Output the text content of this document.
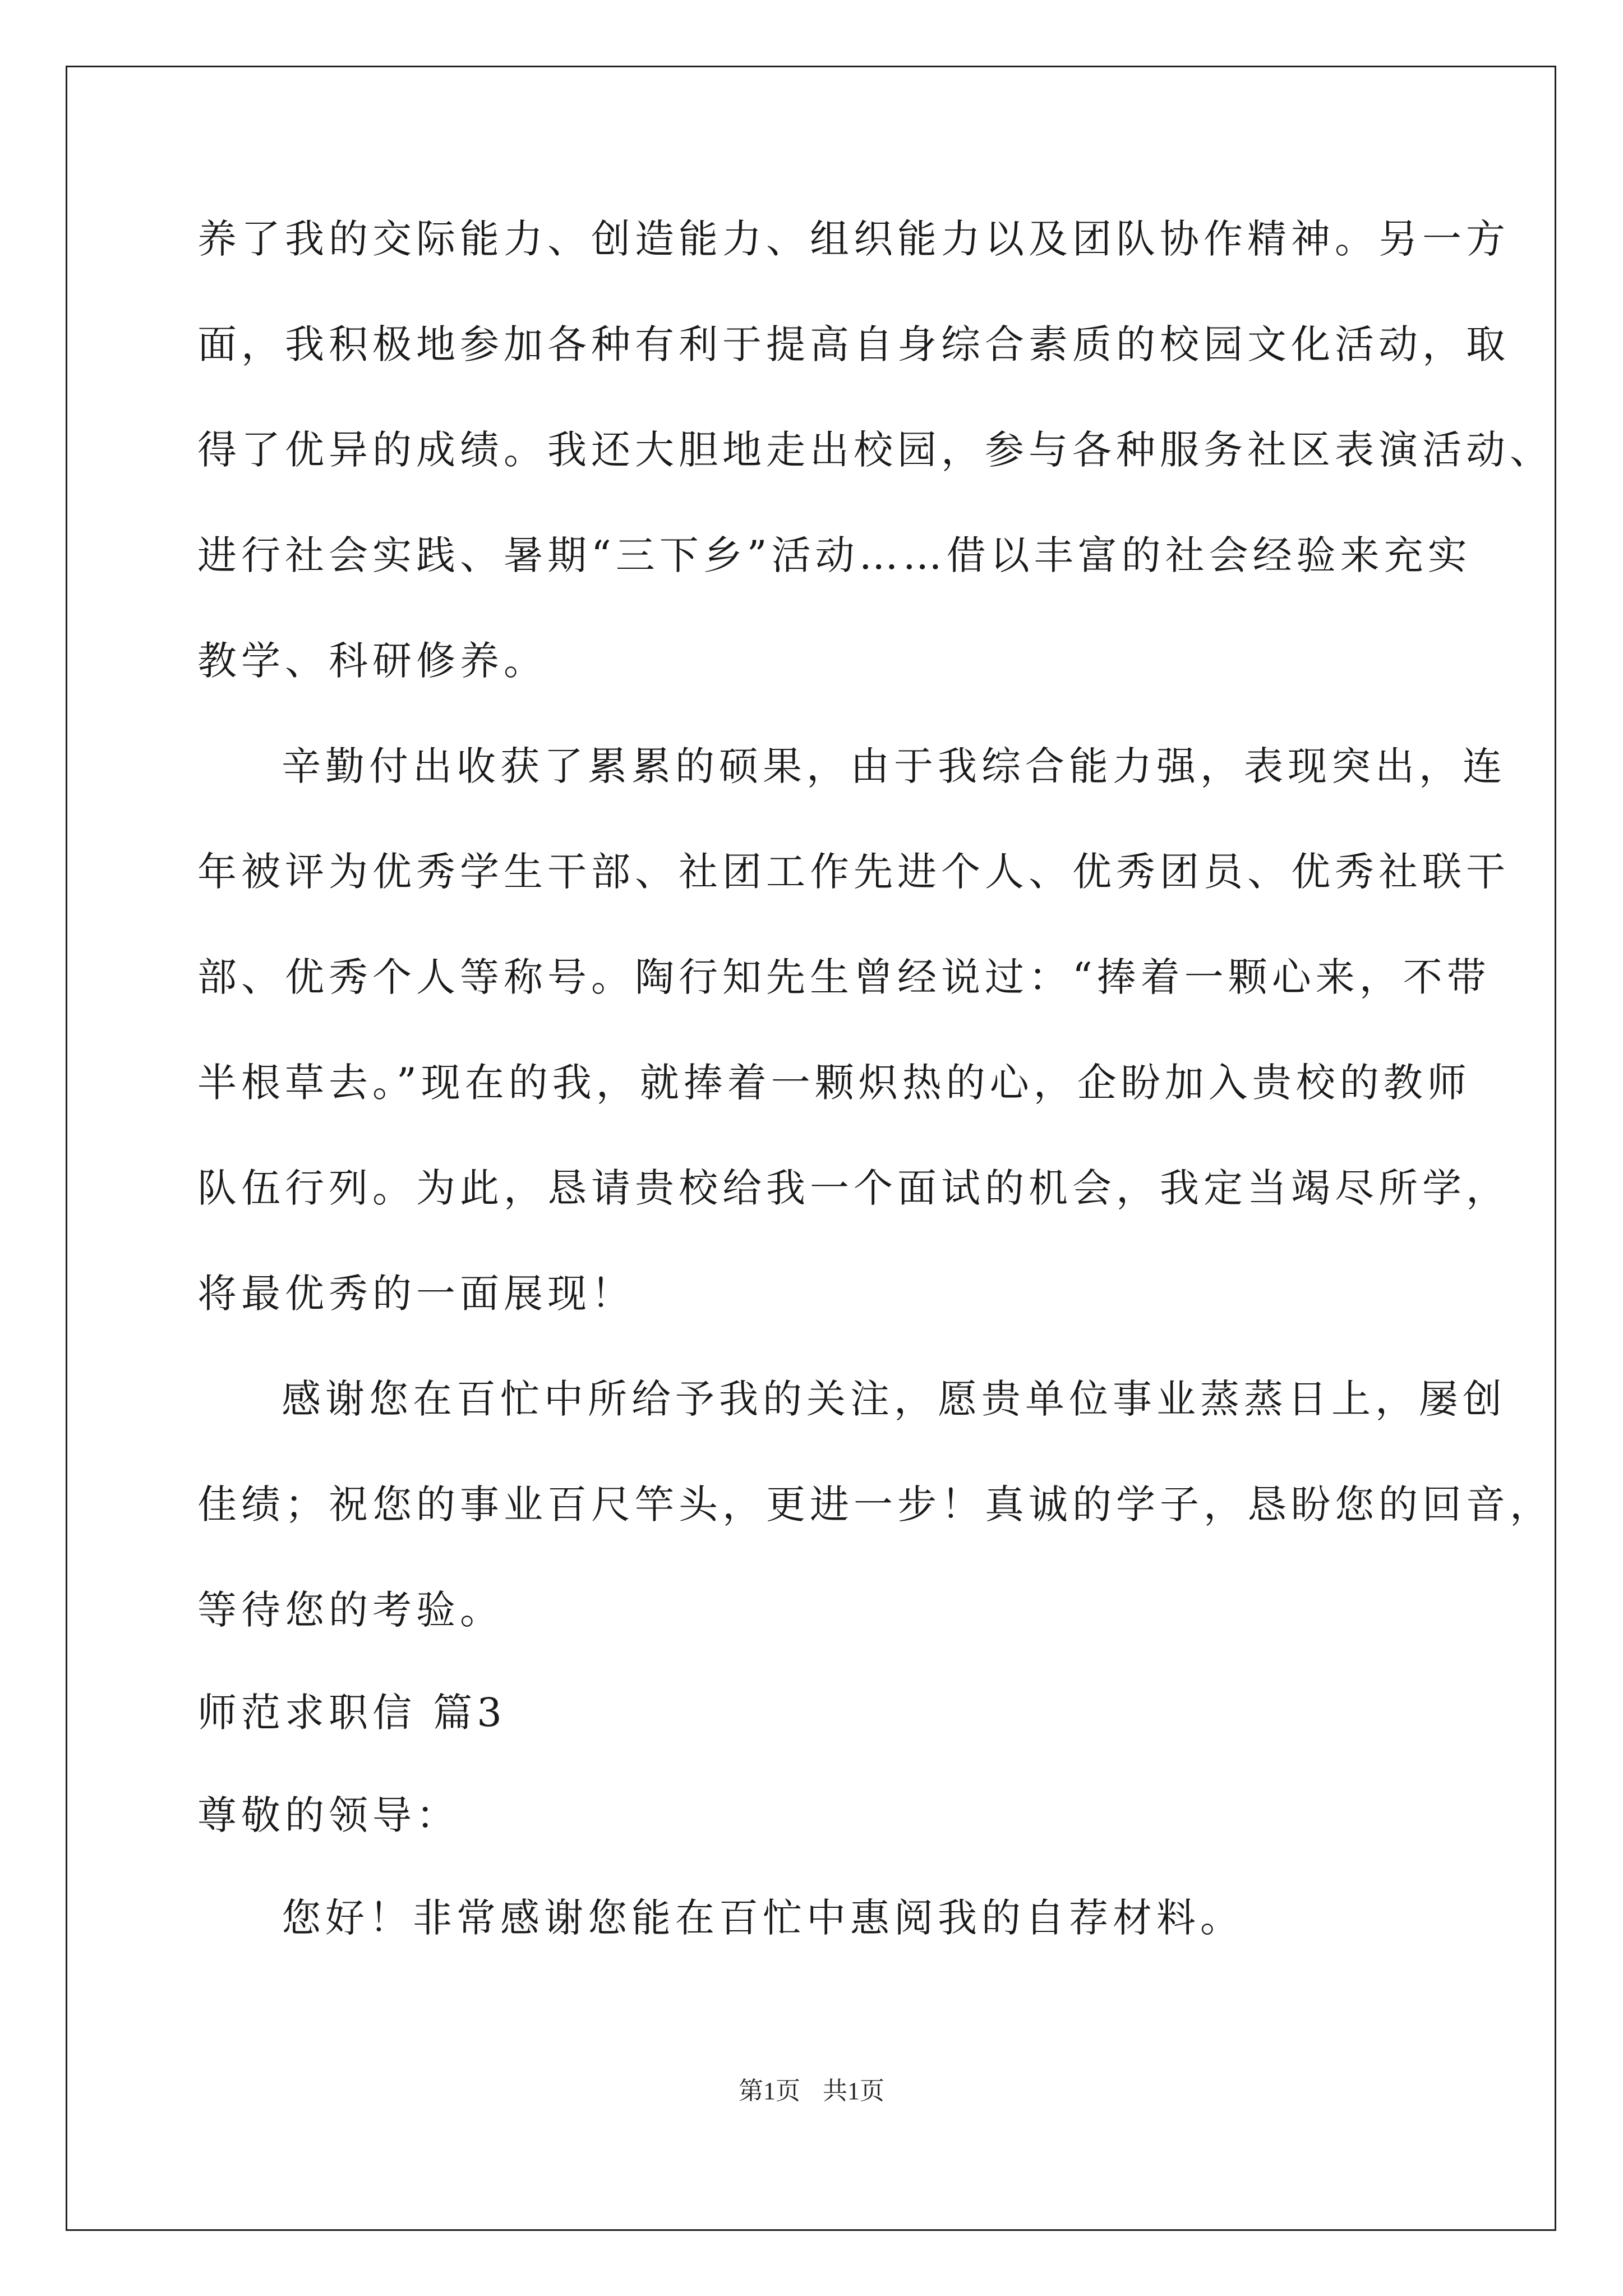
养了我的交际能力、创造能力、组织能力以及团队协作精神。另一方
面，我积极地参加各种有利于提高自身综合素质的校园文化活动，取
得了优异的成绩。我还大胆地走出校园，参与各种服务社区表演活动、
进行社会实践、暑期“三下乡”活动……借以丰富的社会经验来充实
教学、科研修养。
辛勤付出收获了累累的硕果，由于我综合能力强，表现突出，连
年被评为优秀学生干部、社团工作先进个人、优秀团员、优秀社联干
部、优秀个人等称号。陶行知先生曾经说过：“捧着一颗心来，不带
半根草去。”现在的我，就捧着一颗炽热的心，企盼加入贵校的教师
队伍行列。为此，恳请贵校给我一个面试的机会，我定当竭尽所学，
将最优秀的一面展现！
感谢您在百忙中所给予我的关注，愿贵单位事业蒸蒸日上，屡创
佳绩；祝您的事业百尺竿头，更进一步！真诚的学子，恳盼您的回音，
等待您的考验。
师范求职信 篇3
尊敬的领导：
您好！非常感谢您能在百忙中惠阅我的自荐材料。
第1页 共1页
